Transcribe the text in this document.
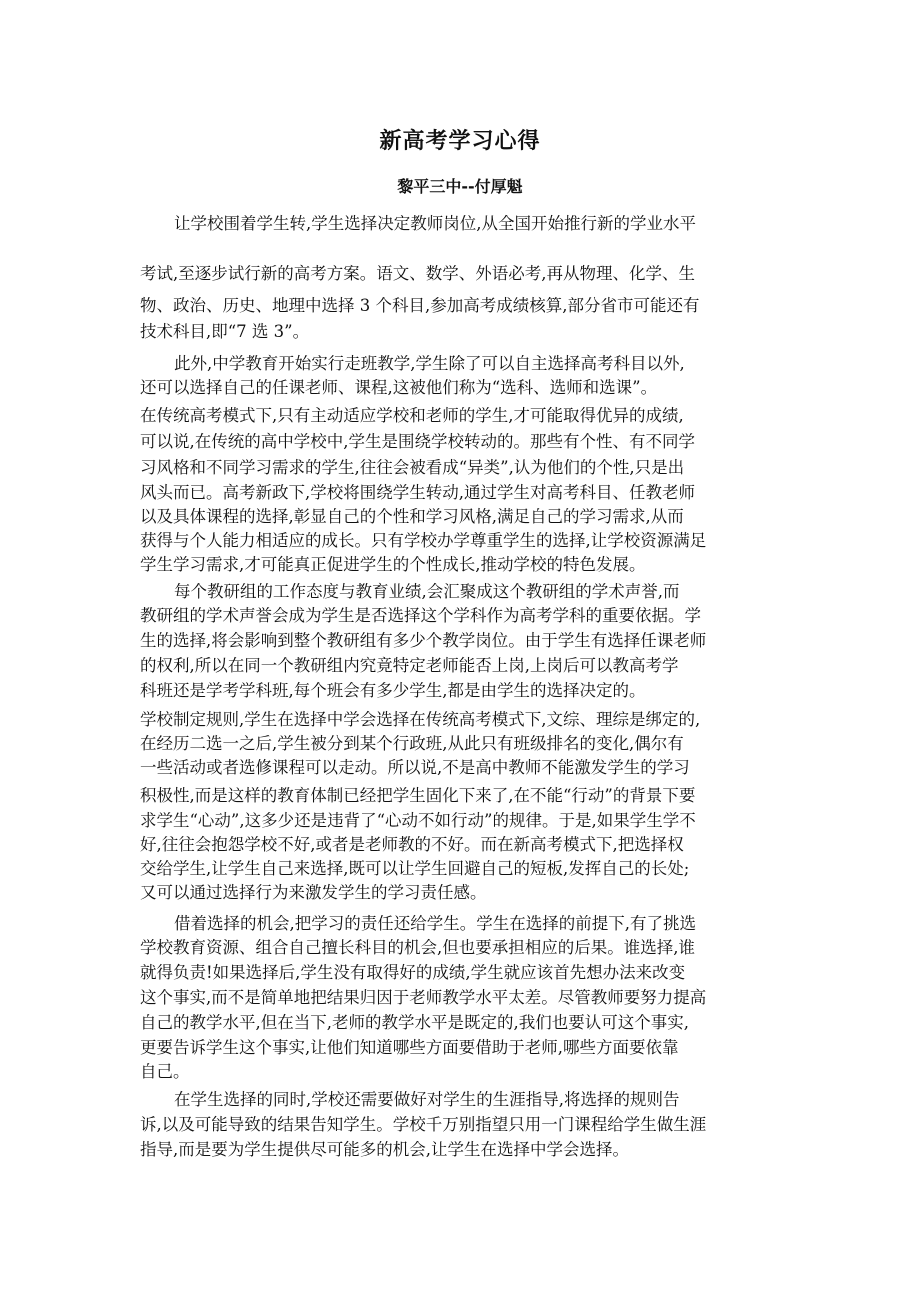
新高考学习心得
黎平三中--付厚魁
让学校围着学生转,学生选择决定教师岗位,从全国开始推行新的学业水平
考试,至逐步试行新的高考方案。语文、数学、外语必考,再从物理、化学、生
物、政治、历史、地理中选择 3 个科目,参加高考成绩核算,部分省市可能还有
技术科目,即“7 选 3”。
此外,中学教育开始实行走班教学,学生除了可以自主选择高考科目以外,
还可以选择自己的任课老师、课程,这被他们称为“选科、选师和选课”。
在传统高考模式下,只有主动适应学校和老师的学生,才可能取得优异的成绩,
可以说,在传统的高中学校中,学生是围绕学校转动的。那些有个性、有不同学
习风格和不同学习需求的学生,往往会被看成“异类”,认为他们的个性,只是出
风头而已。高考新政下,学校将围绕学生转动,通过学生对高考科目、任教老师
以及具体课程的选择,彰显自己的个性和学习风格,满足自己的学习需求,从而
获得与个人能力相适应的成长。只有学校办学尊重学生的选择,让学校资源满足
学生学习需求,才可能真正促进学生的个性成长,推动学校的特色发展。
每个教研组的工作态度与教育业绩,会汇聚成这个教研组的学术声誉,而
教研组的学术声誉会成为学生是否选择这个学科作为高考学科的重要依据。学
生的选择,将会影响到整个教研组有多少个教学岗位。由于学生有选择任课老师
的权利,所以在同一个教研组内究竟特定老师能否上岗,上岗后可以教高考学
科班还是学考学科班,每个班会有多少学生,都是由学生的选择决定的。
学校制定规则,学生在选择中学会选择在传统高考模式下,文综、理综是绑定的,
在经历二选一之后,学生被分到某个行政班,从此只有班级排名的变化,偶尔有
一些活动或者选修课程可以走动。所以说,不是高中教师不能激发学生的学习
积极性,而是这样的教育体制已经把学生固化下来了,在不能“行动”的背景下要
求学生“心动”,这多少还是违背了“心动不如行动”的规律。于是,如果学生学不
好,往往会抱怨学校不好,或者是老师教的不好。而在新高考模式下,把选择权
交给学生,让学生自己来选择,既可以让学生回避自己的短板,发挥自己的长处;
又可以通过选择行为来激发学生的学习责任感。
借着选择的机会,把学习的责任还给学生。学生在选择的前提下,有了挑选
学校教育资源、组合自己擅长科目的机会,但也要承担相应的后果。谁选择,谁
就得负责!如果选择后,学生没有取得好的成绩,学生就应该首先想办法来改变
这个事实,而不是简单地把结果归因于老师教学水平太差。尽管教师要努力提高
自己的教学水平,但在当下,老师的教学水平是既定的,我们也要认可这个事实,
更要告诉学生这个事实,让他们知道哪些方面要借助于老师,哪些方面要依靠
自己。
在学生选择的同时,学校还需要做好对学生的生涯指导,将选择的规则告
诉,以及可能导致的结果告知学生。学校千万别指望只用一门课程给学生做生涯
指导,而是要为学生提供尽可能多的机会,让学生在选择中学会选择。
